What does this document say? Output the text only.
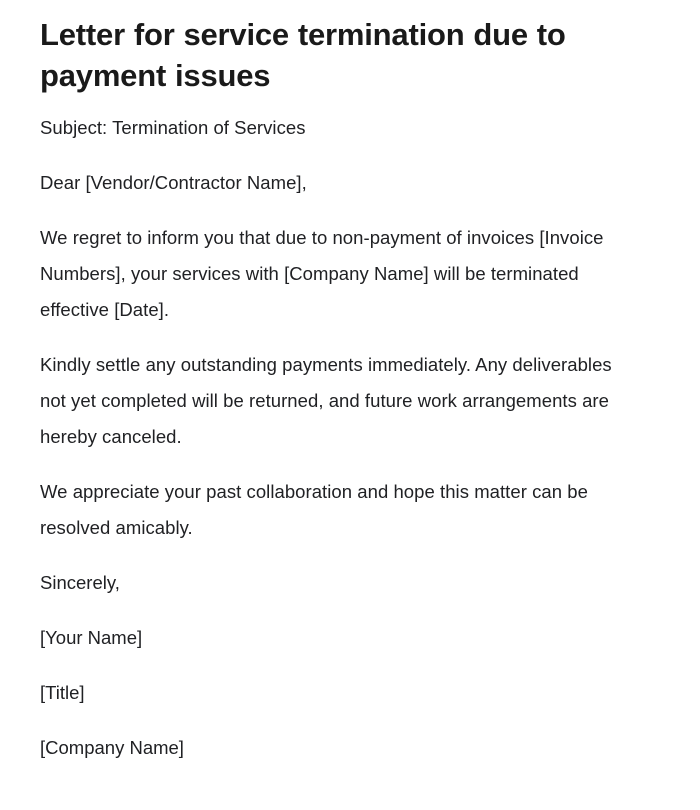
Letter for service termination due to payment issues

Subject: Termination of Services

Dear [Vendor/Contractor Name],

We regret to inform you that due to non-payment of invoices [Invoice Numbers], your services with [Company Name] will be terminated effective [Date].

Kindly settle any outstanding payments immediately. Any deliverables not yet completed will be returned, and future work arrangements are hereby canceled.

We appreciate your past collaboration and hope this matter can be resolved amicably.

Sincerely,

[Your Name]

[Title]

[Company Name]
